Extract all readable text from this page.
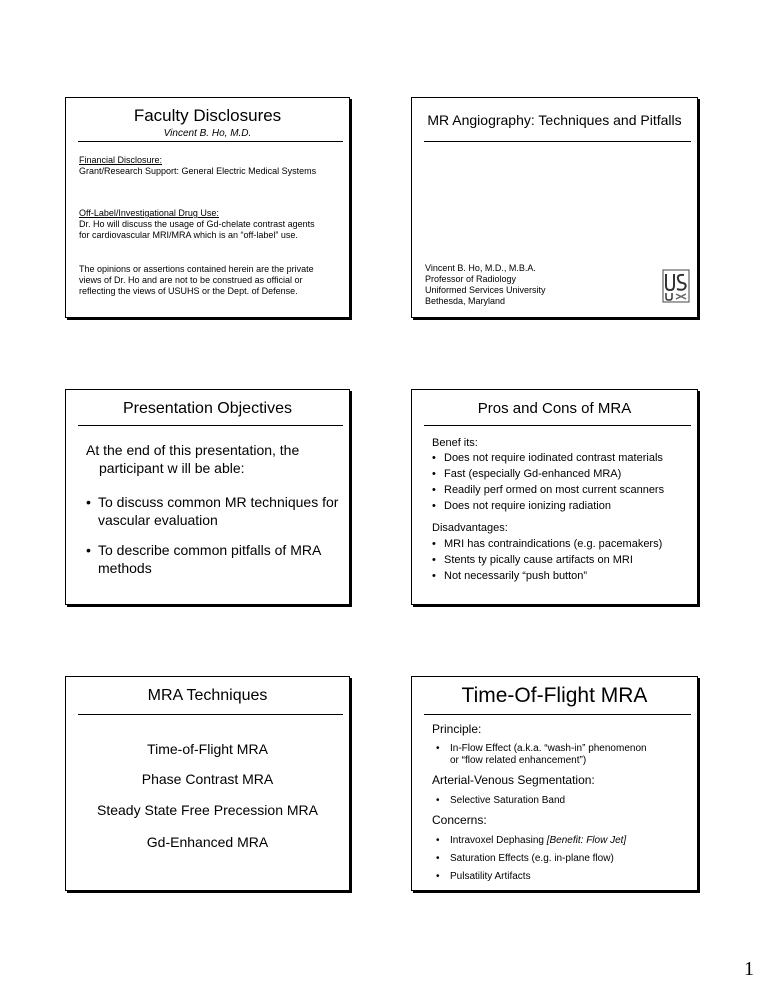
Faculty Disclosures
Vincent B. Ho, M.D.
Financial Disclosure:
Grant/Research Support: General Electric Medical Systems
Off-Label/Investigational Drug Use:
Dr. Ho will discuss the usage of Gd-chelate contrast agents
for cardiovascular MRI/MRA which is an “off-label” use.
The opinions or assertions contained herein are the private
views of Dr. Ho and are not to be construed as official or
reflecting the views of USUHS or the Dept. of Defense.
MR Angiography: Techniques and Pitfalls
Vincent B. Ho, M.D., M.B.A.
Professor of Radiology
Uniformed Services University
Bethesda, Maryland
Presentation Objectives
At the end of this presentation, the
participant w ill be able:
• To discuss common MR techniques for
vascular evaluation
• To describe common pitfalls of MRA
methods
Pros and Cons of MRA
Benef its:
• Does not require iodinated contrast materials
• Fast (especially Gd-enhanced MRA)
• Readily perf ormed on most current scanners
• Does not require ionizing radiation
Disadvantages:
• MRI has contraindications (e.g. pacemakers)
• Stents ty pically cause artifacts on MRI
• Not necessarily “push button”
MRA Techniques
Time-of-Flight MRA
Phase Contrast MRA
Steady State Free Precession MRA
Gd-Enhanced MRA
Time-Of-Flight MRA
Principle:
• In-Flow Effect (a.k.a. “wash-in” phenomenon
or “flow related enhancement”)
Arterial-Venous Segmentation:
• Selective Saturation Band
Concerns:
• Intravoxel Dephasing [Benefit: Flow Jet]
• Saturation Effects (e.g. in-plane flow)
• Pulsatility Artifacts
1
